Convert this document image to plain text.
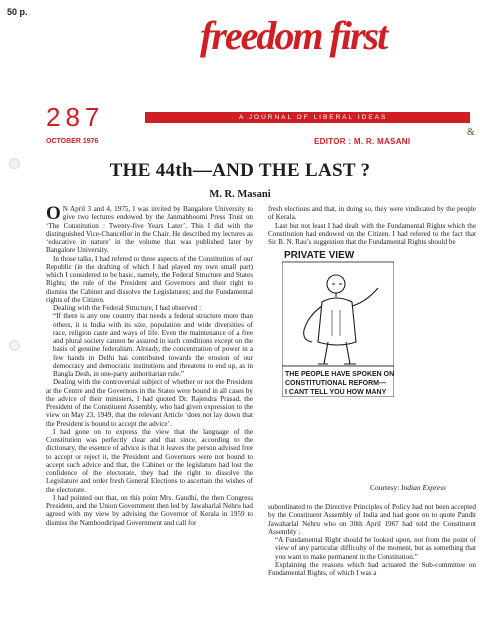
50 p.
freedom first
287	A JOURNAL OF LIBERAL IDEAS
OCTOBER 1976	EDITOR : M. R. MASANI
&
THE 44th—AND THE LAST ?
M. R. Masani

O N April 3 and 4, 1975, I was invited by Bangalore University to give two lectures endowed by the Janmabhoomi Press Trust on ‘The Constitution : Twenty-five Years Later’. This I did with the distinguished Vice-Chancellor in the Chair. He described my lectures as ‘educative in nature’ in the volume that was published later by Bangalore University.

In those talks, I had refered to three aspects of the Constitution of our Republic (in the drafting of which I had played my own small part) which I considered to be basic, namely, the Federal Structure and States Rights; the rule of the President and Governors and their right to dismiss the Cabinet and dissolve the Legislatures; and the Fundamental rights of the Citizen.

Dealing with the Federal Structure, I had observed :

“If there is any one country that needs a federal structure more than others, it is India with its size, population and wide diversities of race, religion caste and ways of life. Even the maintenance of a free and plural society cannot be assured in such conditions except on the basis of genuine federalism. Already, the concentration of power in a few hands in Delhi has contributed towards the erosion of our democracy and democratic institutions and threatens to end up, as in Bangla Desh, in one-party authoritarian rule.”

Dealing with the controversial subject of whether or not the President at the Centre and the Governors in the States were bound in all cases by the advice of their ministers, I had quoted Dr. Rajendra Prasad, the President of the Constituent Assembly, who had given expression to the view on May 23, 1949, that the relevant Article ‘does not lay down that the President is bound to accept the advice’.

I had gone on to express the view that the language of the Constitution was perfectly clear and that since, according to the dictionary, the essence of advice is that it leaves the person advised free to accept or reject it, the President and Governors were not bound to accept such advice and that, the Cabinet or the legislature had lost the confidence of the electorate, they had the right to dissolve the Legislature and order fresh General Elections to ascertain the wishes of the electorate.

I had pointed out that, on this point Mrs. Gandhi, the then Congress President, and the Union Government then led by Jawaharlal Nehru had agreed with my view by advising the Governor of Kerala in 1959 to dismiss the Namboodiripad Government and call for

fresh elections and that, in doing so, they were vindicated by the people of Kerala.

Last but not least I had dealt with the Fundamental Rights which the Constitution had endowed on the Citizen. I had refered to the fact that Sir B. N. Rau’s suggestion that the Fundamental Rights should be

PRIVATE VIEW
THE PEOPLE HAVE SPOKEN ON
CONSTITUTIONAL REFORM—
I CANT TELL YOU HOW MANY
Courtesy: Indian Express

subordinated to the Directive Principles of Policy had not been accepted by the Constituent Assembly of India and had gone on to quote Pandit Jawaharlal Nehru who on 30th April 1967 had told the Constituent Assembly :

“A Fundamental Right should be looked upon, not from the point of view of any particular difficulty of the moment, but as something that you want to make permanent in the Constitution.”

Explaining the reasons which had actuated the Sub-committee on Fundamental Rights, of which I was a
